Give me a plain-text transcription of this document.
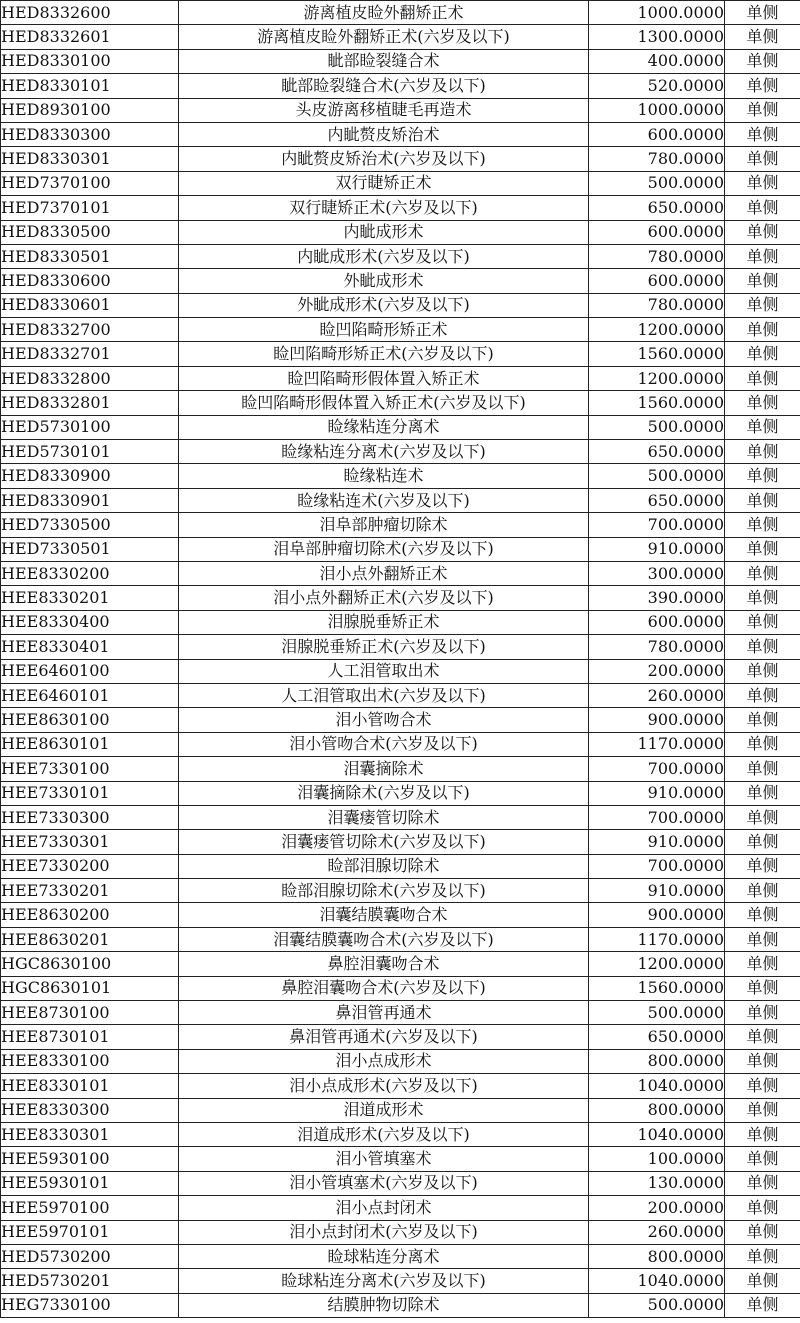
HED8332600	游离植皮睑外翻矫正术	1000.0000	单侧
HED8332601	游离植皮睑外翻矫正术(六岁及以下)	1300.0000	单侧
HED8330100	眦部睑裂缝合术	400.0000	单侧
HED8330101	眦部睑裂缝合术(六岁及以下)	520.0000	单侧
HED8930100	头皮游离移植睫毛再造术	1000.0000	单侧
HED8330300	内眦赘皮矫治术	600.0000	单侧
HED8330301	内眦赘皮矫治术(六岁及以下)	780.0000	单侧
HED7370100	双行睫矫正术	500.0000	单侧
HED7370101	双行睫矫正术(六岁及以下)	650.0000	单侧
HED8330500	内眦成形术	600.0000	单侧
HED8330501	内眦成形术(六岁及以下)	780.0000	单侧
HED8330600	外眦成形术	600.0000	单侧
HED8330601	外眦成形术(六岁及以下)	780.0000	单侧
HED8332700	睑凹陷畸形矫正术	1200.0000	单侧
HED8332701	睑凹陷畸形矫正术(六岁及以下)	1560.0000	单侧
HED8332800	睑凹陷畸形假体置入矫正术	1200.0000	单侧
HED8332801	睑凹陷畸形假体置入矫正术(六岁及以下)	1560.0000	单侧
HED5730100	睑缘粘连分离术	500.0000	单侧
HED5730101	睑缘粘连分离术(六岁及以下)	650.0000	单侧
HED8330900	睑缘粘连术	500.0000	单侧
HED8330901	睑缘粘连术(六岁及以下)	650.0000	单侧
HED7330500	泪阜部肿瘤切除术	700.0000	单侧
HED7330501	泪阜部肿瘤切除术(六岁及以下)	910.0000	单侧
HEE8330200	泪小点外翻矫正术	300.0000	单侧
HEE8330201	泪小点外翻矫正术(六岁及以下)	390.0000	单侧
HEE8330400	泪腺脱垂矫正术	600.0000	单侧
HEE8330401	泪腺脱垂矫正术(六岁及以下)	780.0000	单侧
HEE6460100	人工泪管取出术	200.0000	单侧
HEE6460101	人工泪管取出术(六岁及以下)	260.0000	单侧
HEE8630100	泪小管吻合术	900.0000	单侧
HEE8630101	泪小管吻合术(六岁及以下)	1170.0000	单侧
HEE7330100	泪囊摘除术	700.0000	单侧
HEE7330101	泪囊摘除术(六岁及以下)	910.0000	单侧
HEE7330300	泪囊瘘管切除术	700.0000	单侧
HEE7330301	泪囊瘘管切除术(六岁及以下)	910.0000	单侧
HEE7330200	睑部泪腺切除术	700.0000	单侧
HEE7330201	睑部泪腺切除术(六岁及以下)	910.0000	单侧
HEE8630200	泪囊结膜囊吻合术	900.0000	单侧
HEE8630201	泪囊结膜囊吻合术(六岁及以下)	1170.0000	单侧
HGC8630100	鼻腔泪囊吻合术	1200.0000	单侧
HGC8630101	鼻腔泪囊吻合术(六岁及以下)	1560.0000	单侧
HEE8730100	鼻泪管再通术	500.0000	单侧
HEE8730101	鼻泪管再通术(六岁及以下)	650.0000	单侧
HEE8330100	泪小点成形术	800.0000	单侧
HEE8330101	泪小点成形术(六岁及以下)	1040.0000	单侧
HEE8330300	泪道成形术	800.0000	单侧
HEE8330301	泪道成形术(六岁及以下)	1040.0000	单侧
HEE5930100	泪小管填塞术	100.0000	单侧
HEE5930101	泪小管填塞术(六岁及以下)	130.0000	单侧
HEE5970100	泪小点封闭术	200.0000	单侧
HEE5970101	泪小点封闭术(六岁及以下)	260.0000	单侧
HED5730200	睑球粘连分离术	800.0000	单侧
HED5730201	睑球粘连分离术(六岁及以下)	1040.0000	单侧
HEG7330100	结膜肿物切除术	500.0000	单侧
